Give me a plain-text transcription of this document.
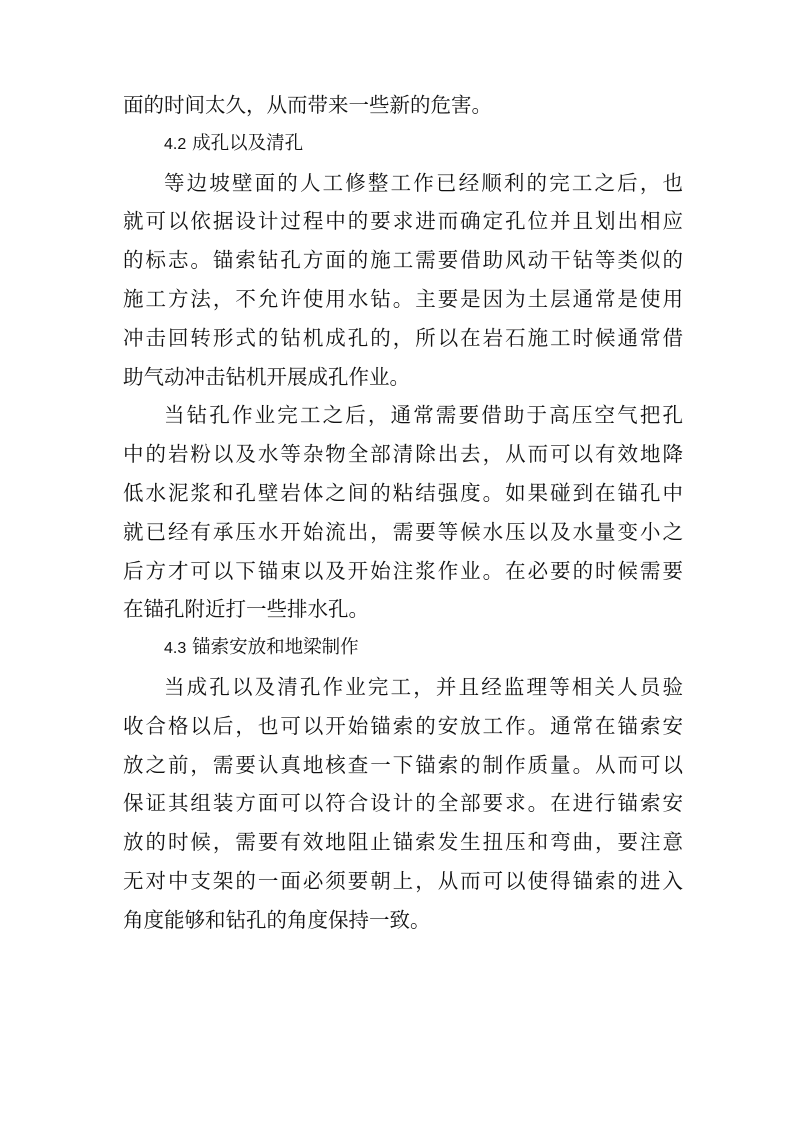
面的时间太久，从而带来一些新的危害。
4.2 成孔以及清孔
等边坡壁面的人工修整工作已经顺利的完工之后，也
就可以依据设计过程中的要求进而确定孔位并且划出相应
的标志。锚索钻孔方面的施工需要借助风动干钻等类似的
施工方法，不允许使用水钻。主要是因为土层通常是使用
冲击回转形式的钻机成孔的，所以在岩石施工时候通常借
助气动冲击钻机开展成孔作业。
当钻孔作业完工之后，通常需要借助于高压空气把孔
中的岩粉以及水等杂物全部清除出去，从而可以有效地降
低水泥浆和孔壁岩体之间的粘结强度。如果碰到在锚孔中
就已经有承压水开始流出，需要等候水压以及水量变小之
后方才可以下锚束以及开始注浆作业。在必要的时候需要
在锚孔附近打一些排水孔。
4.3 锚索安放和地梁制作
当成孔以及清孔作业完工，并且经监理等相关人员验
收合格以后，也可以开始锚索的安放工作。通常在锚索安
放之前，需要认真地核查一下锚索的制作质量。从而可以
保证其组装方面可以符合设计的全部要求。在进行锚索安
放的时候，需要有效地阻止锚索发生扭压和弯曲，要注意
无对中支架的一面必须要朝上，从而可以使得锚索的进入
角度能够和钻孔的角度保持一致。
